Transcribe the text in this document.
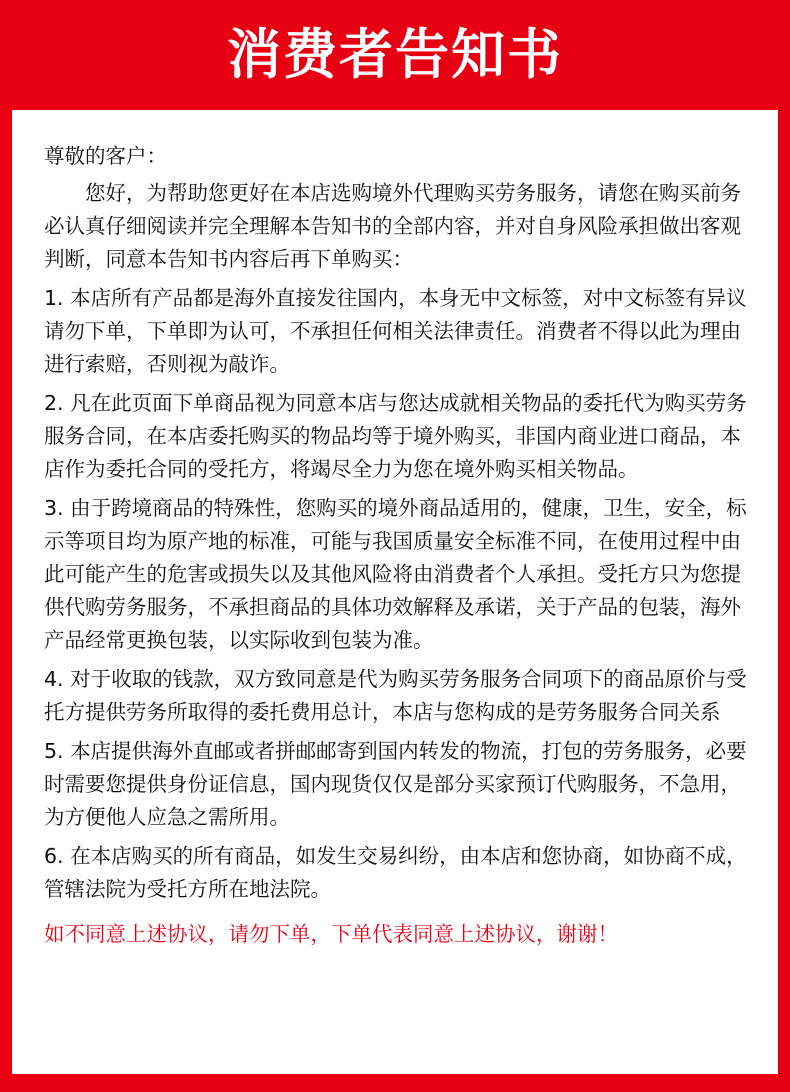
消费者告知书
尊敬的客户：
您好，为帮助您更好在本店选购境外代理购买劳务服务，请您在购买前务必认真仔细阅读并完全理解本告知书的全部内容，并对自身风险承担做出客观判断，同意本告知书内容后再下单购买：
1. 本店所有产品都是海外直接发往国内，本身无中文标签，对中文标签有异议请勿下单，下单即为认可，不承担任何相关法律责任。消费者不得以此为理由进行索赔，否则视为敲诈。
2. 凡在此页面下单商品视为同意本店与您达成就相关物品的委托代为购买劳务服务合同，在本店委托购买的物品均等于境外购买，非国内商业进口商品，本店作为委托合同的受托方，将竭尽全力为您在境外购买相关物品。
3. 由于跨境商品的特殊性，您购买的境外商品适用的，健康，卫生，安全，标示等项目均为原产地的标准，可能与我国质量安全标准不同，在使用过程中由此可能产生的危害或损失以及其他风险将由消费者个人承担。受托方只为您提供代购劳务服务，不承担商品的具体功效解释及承诺，关于产品的包装，海外产品经常更换包装，以实际收到包装为准。
4. 对于收取的钱款，双方致同意是代为购买劳务服务合同项下的商品原价与受托方提供劳务所取得的委托费用总计，本店与您构成的是劳务服务合同关系
5. 本店提供海外直邮或者拼邮邮寄到国内转发的物流，打包的劳务服务，必要时需要您提供身份证信息，国内现货仅仅是部分买家预订代购服务，不急用，为方便他人应急之需所用。
6. 在本店购买的所有商品，如发生交易纠纷，由本店和您协商，如协商不成，管辖法院为受托方所在地法院。
如不同意上述协议，请勿下单，下单代表同意上述协议，谢谢！
